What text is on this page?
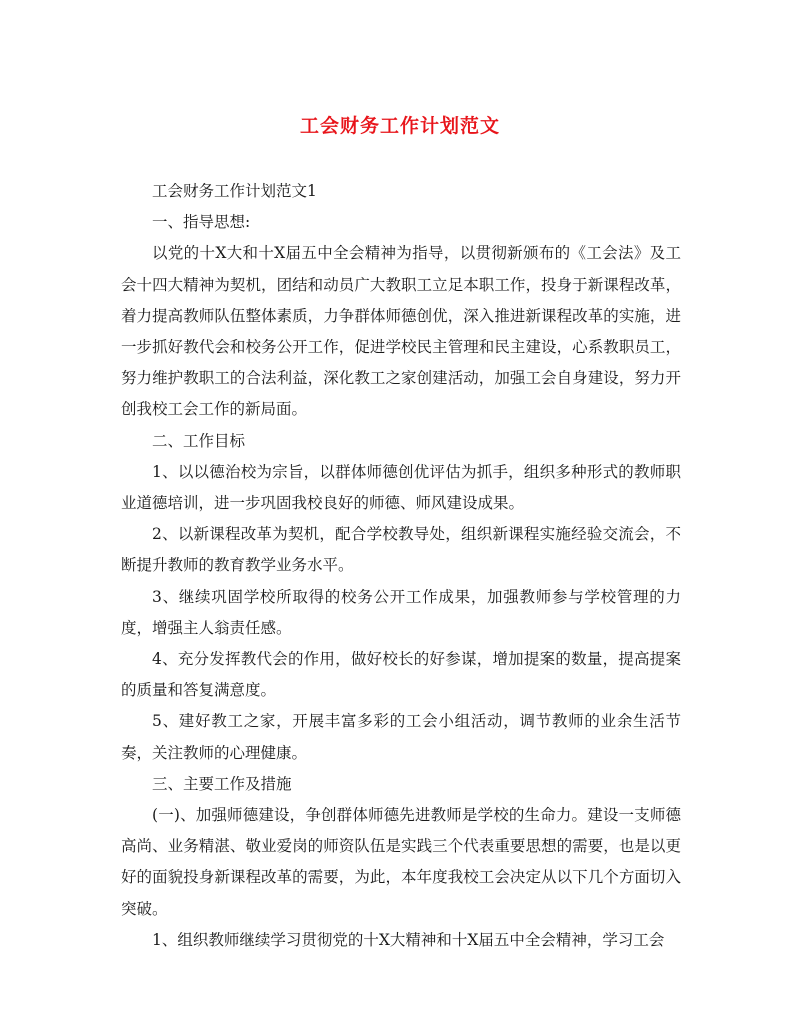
工会财务工作计划范文

工会财务工作计划范文1

一、指导思想:

以党的十X大和十X届五中全会精神为指导，以贯彻新颁布的《工会法》及工会十四大精神为契机，团结和动员广大教职工立足本职工作，投身于新课程改革，着力提高教师队伍整体素质，力争群体师德创优，深入推进新课程改革的实施，进一步抓好教代会和校务公开工作，促进学校民主管理和民主建设，心系教职员工，努力维护教职工的合法利益，深化教工之家创建活动，加强工会自身建设，努力开创我校工会工作的新局面。

二、工作目标

1、以以德治校为宗旨，以群体师德创优评估为抓手，组织多种形式的教师职业道德培训，进一步巩固我校良好的师德、师风建设成果。

2、以新课程改革为契机，配合学校教导处，组织新课程实施经验交流会，不断提升教师的教育教学业务水平。

3、继续巩固学校所取得的校务公开工作成果，加强教师参与学校管理的力度，增强主人翁责任感。

4、充分发挥教代会的作用，做好校长的好参谋，增加提案的数量，提高提案的质量和答复满意度。

5、建好教工之家，开展丰富多彩的工会小组活动，调节教师的业余生活节奏，关注教师的心理健康。

三、主要工作及措施

(一)、加强师德建设，争创群体师德先进教师是学校的生命力。建设一支师德高尚、业务精湛、敬业爱岗的师资队伍是实践三个代表重要思想的需要，也是以更好的面貌投身新课程改革的需要，为此，本年度我校工会决定从以下几个方面切入突破。

1、组织教师继续学习贯彻党的十X大精神和十X届五中全会精神，学习工会
